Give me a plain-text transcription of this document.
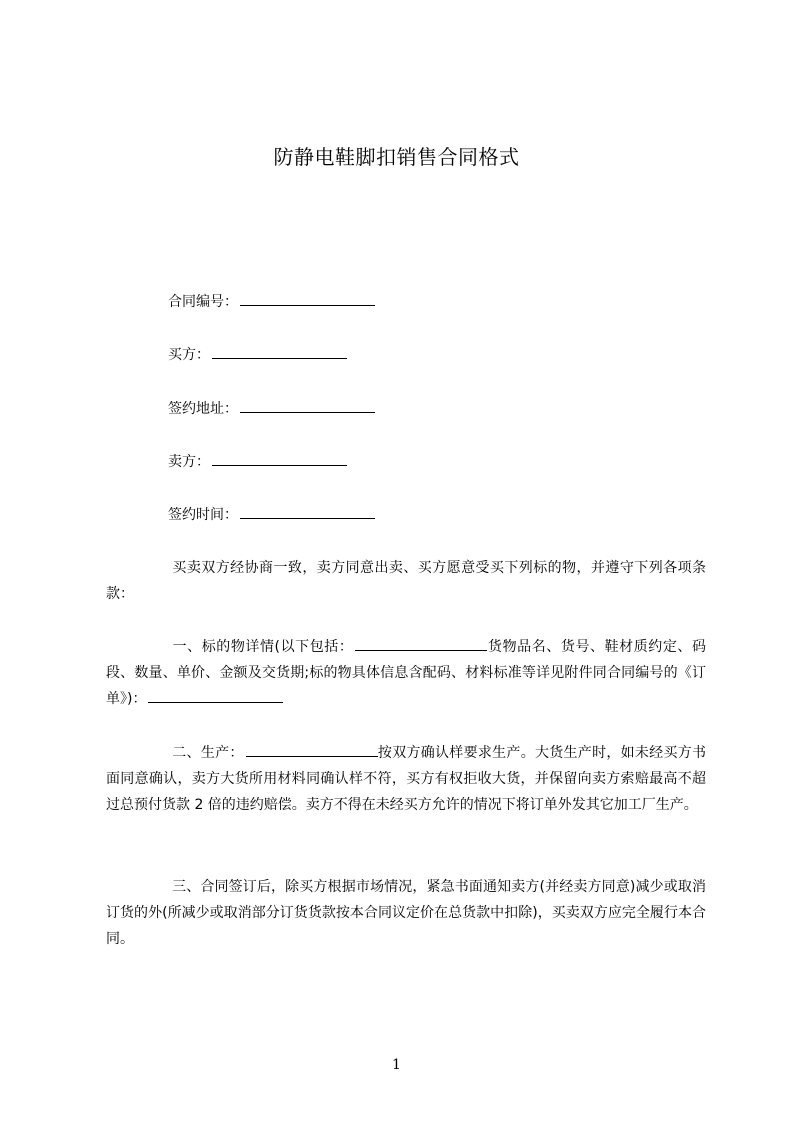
防静电鞋脚扣销售合同格式
合同编号：
买方：
签约地址：
卖方：
签约时间：
买卖双方经协商一致，卖方同意出卖、买方愿意受买下列标的物，并遵守下列各项条款：
一、标的物详情(以下包括：	货物品名、货号、鞋材质约定、码段、数量、单价、金额及交货期;标的物具体信息含配码、材料标准等详见附件同合同编号的《订单》)：
二、生产：	按双方确认样要求生产。大货生产时，如未经买方书面同意确认，卖方大货所用材料同确认样不符，买方有权拒收大货，并保留向卖方索赔最高不超过总预付货款 2 倍的违约赔偿。卖方不得在未经买方允许的情况下将订单外发其它加工厂生产。
三、合同签订后，除买方根据市场情况，紧急书面通知卖方(并经卖方同意)减少或取消订货的外(所减少或取消部分订货货款按本合同议定价在总货款中扣除)，买卖双方应完全履行本合同。
1
